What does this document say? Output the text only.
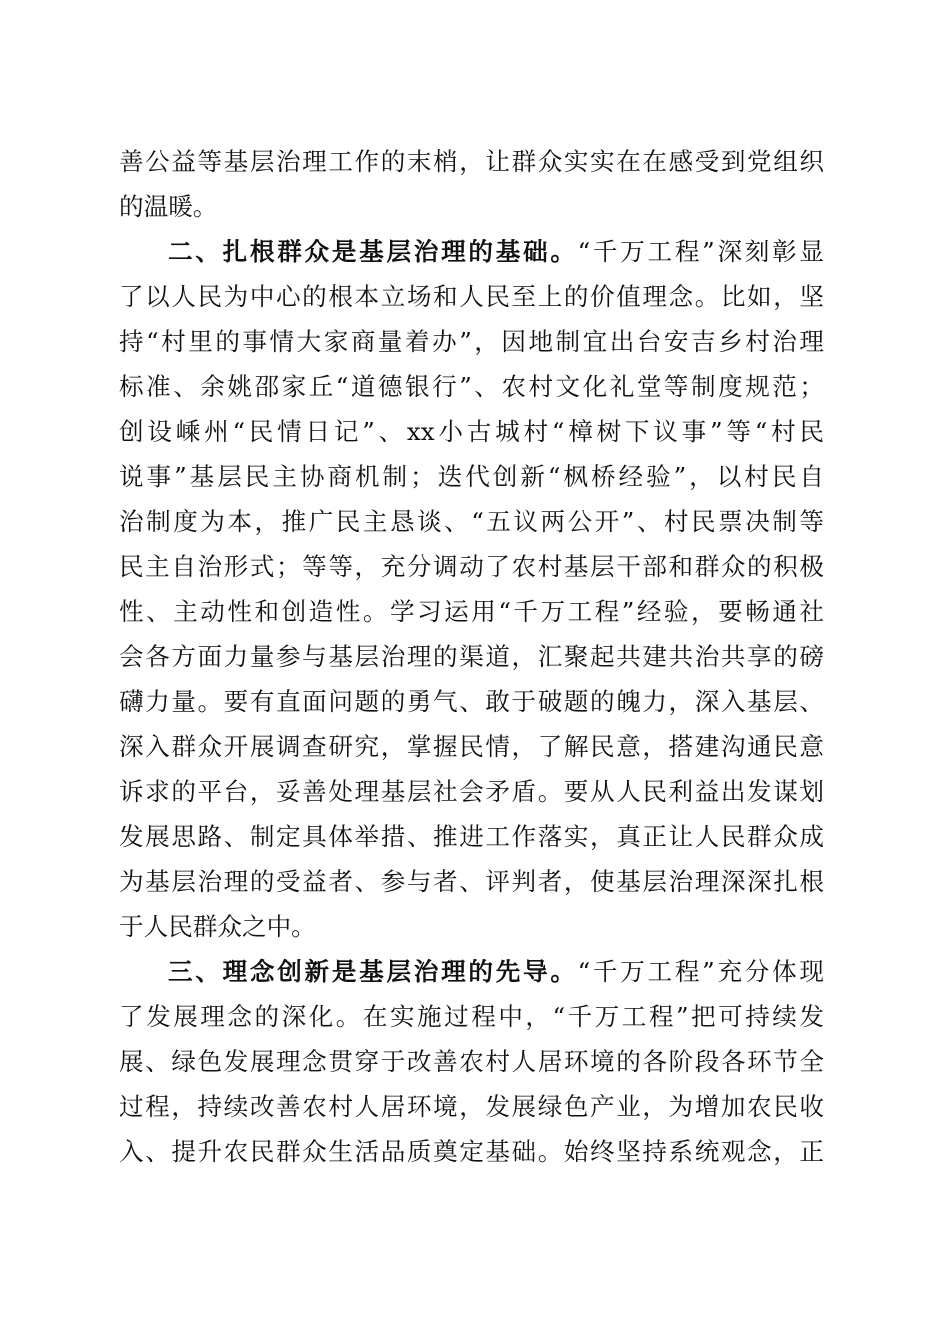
善公益等基层治理工作的末梢，让群众实实在在感受到党组织
的温暖。
二、扎根群众是基层治理的基础。“千万工程”深刻彰显
了以人民为中心的根本立场和人民至上的价值理念。比如，坚
持“村里的事情大家商量着办”，因地制宜出台安吉乡村治理
标准、余姚邵家丘“道德银行”、农村文化礼堂等制度规范；
创设嵊州“民情日记”、xx小古城村“樟树下议事”等“村民
说事”基层民主协商机制；迭代创新“枫桥经验”，以村民自
治制度为本，推广民主恳谈、“五议两公开”、村民票决制等
民主自治形式；等等，充分调动了农村基层干部和群众的积极
性、主动性和创造性。学习运用“千万工程”经验，要畅通社
会各方面力量参与基层治理的渠道，汇聚起共建共治共享的磅
礴力量。要有直面问题的勇气、敢于破题的魄力，深入基层、
深入群众开展调查研究，掌握民情，了解民意，搭建沟通民意
诉求的平台，妥善处理基层社会矛盾。要从人民利益出发谋划
发展思路、制定具体举措、推进工作落实，真正让人民群众成
为基层治理的受益者、参与者、评判者，使基层治理深深扎根
于人民群众之中。
三、理念创新是基层治理的先导。“千万工程”充分体现
了发展理念的深化。在实施过程中，“千万工程”把可持续发
展、绿色发展理念贯穿于改善农村人居环境的各阶段各环节全
过程，持续改善农村人居环境，发展绿色产业，为增加农民收
入、提升农民群众生活品质奠定基础。始终坚持系统观念，正
